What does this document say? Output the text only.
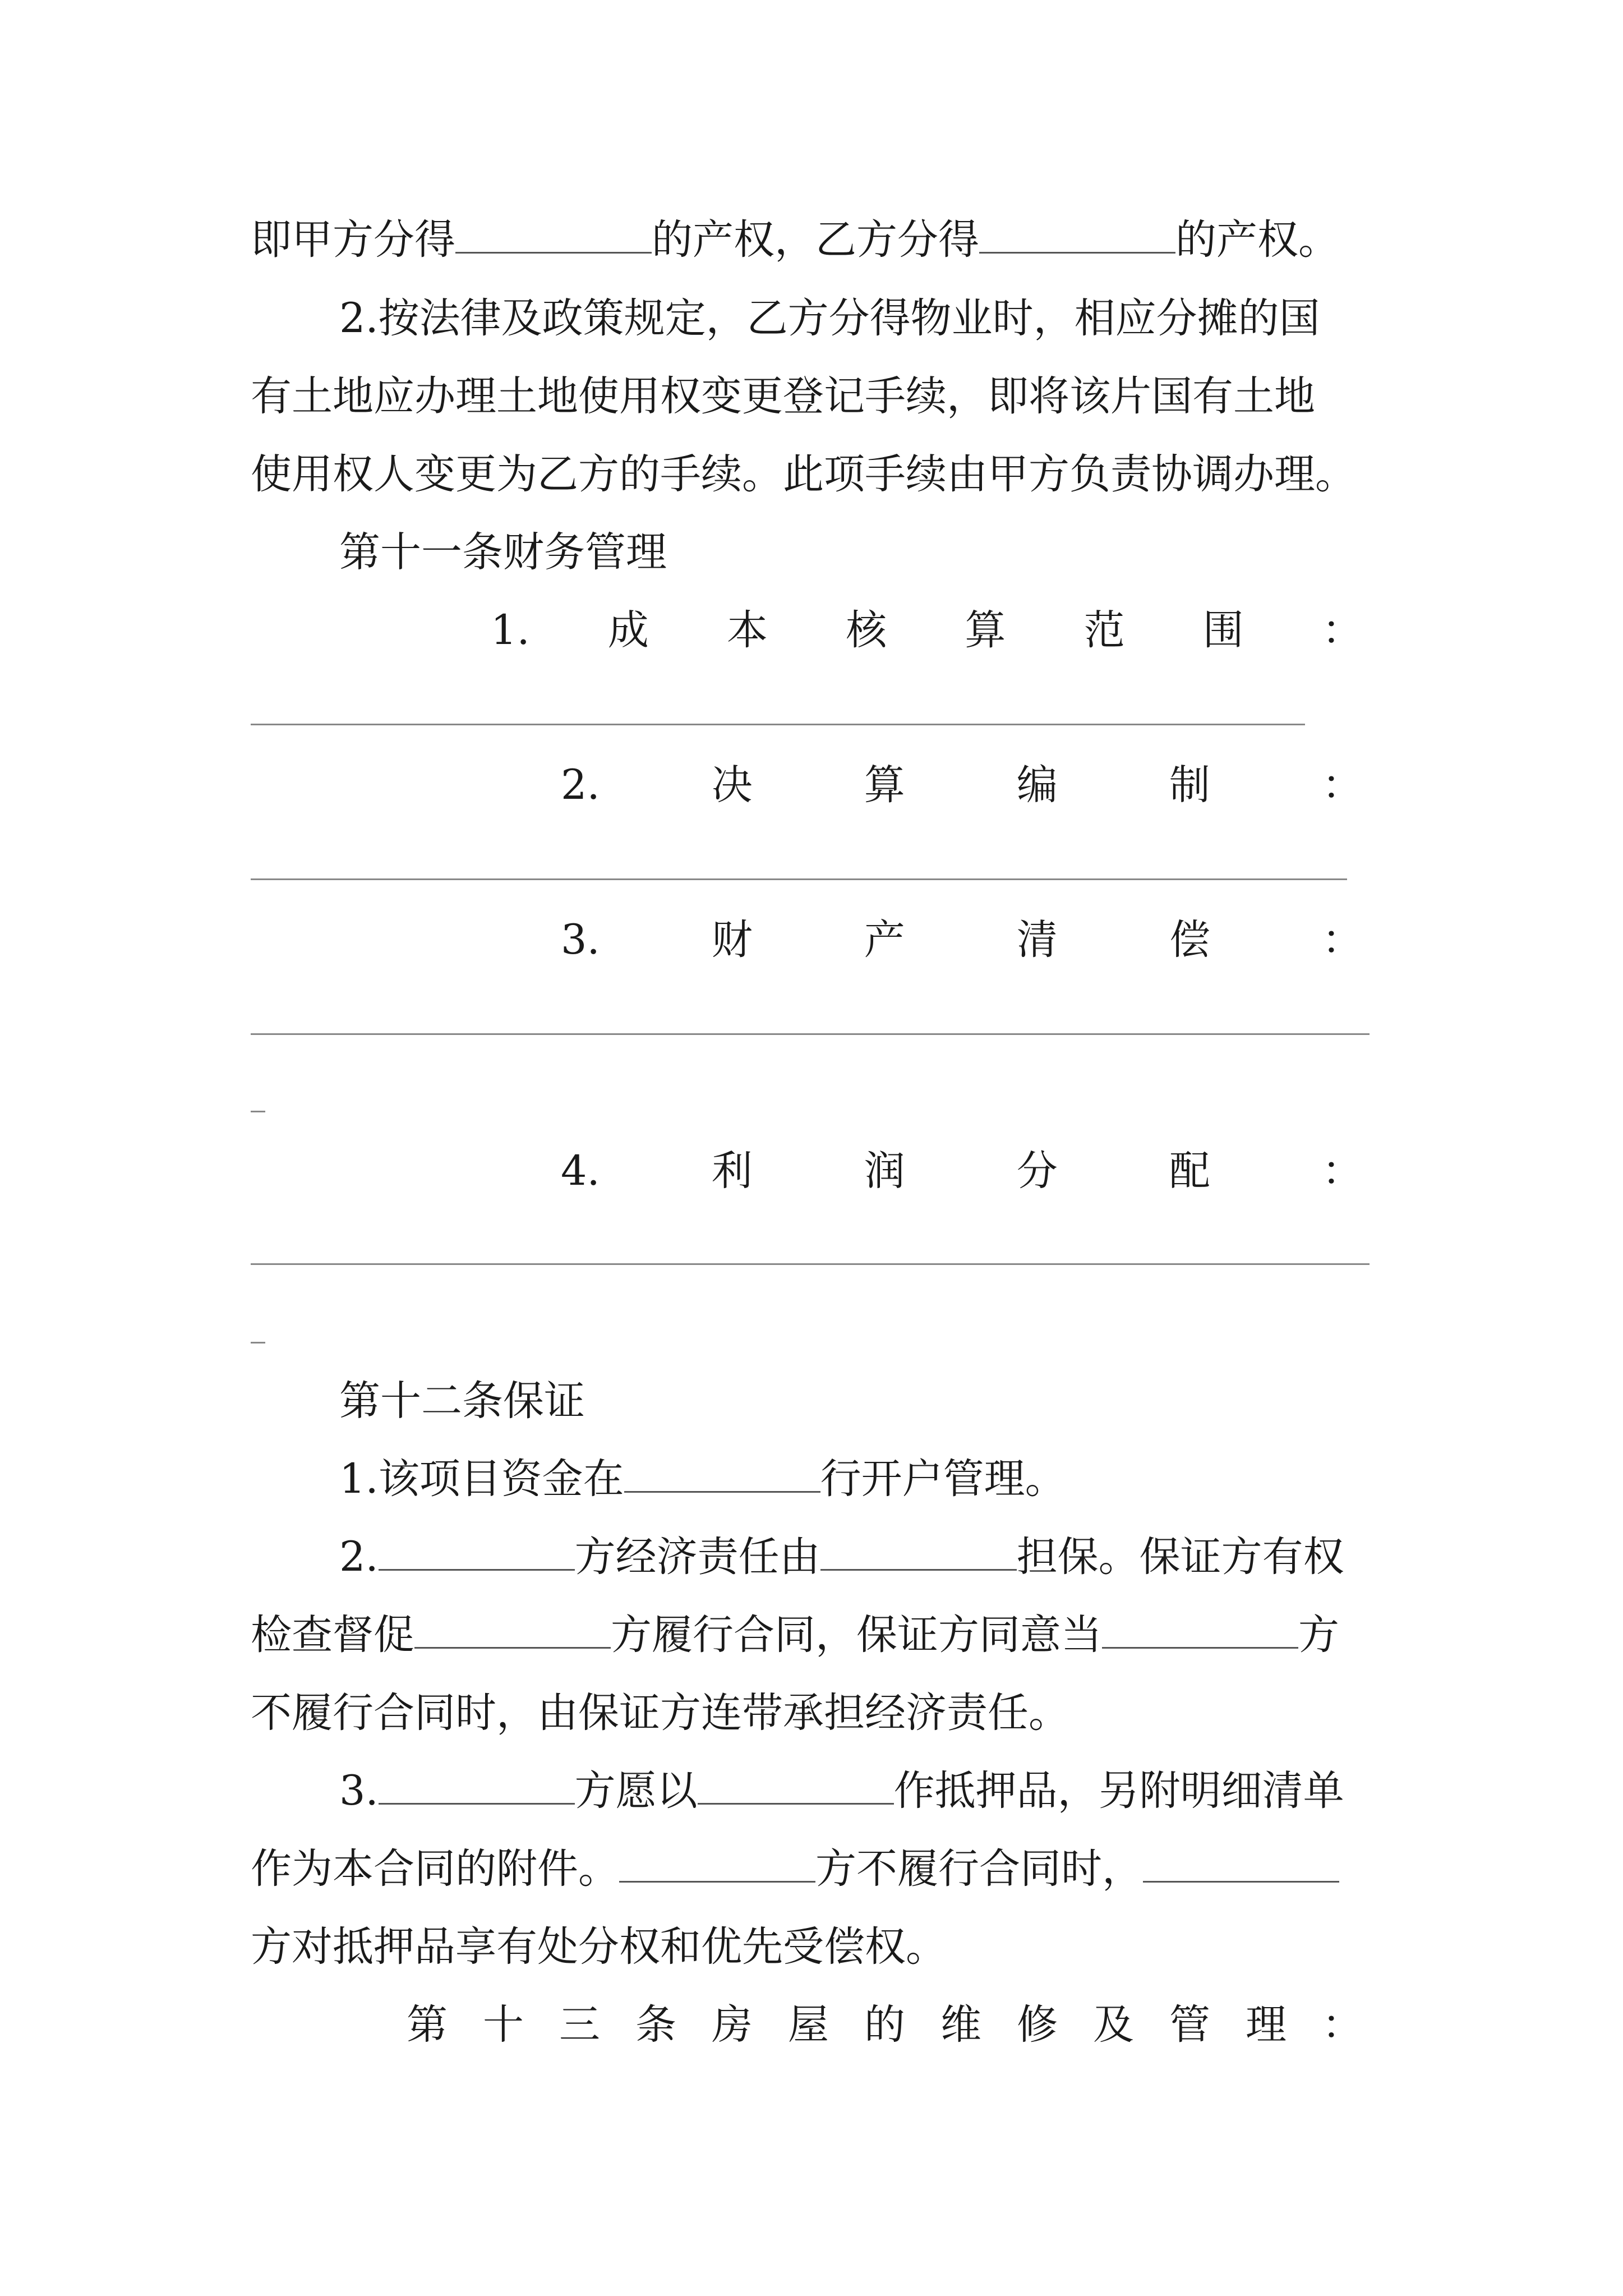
即甲方分得	的产权，乙方分得	的产权。
2.按法律及政策规定，乙方分得物业时，相应分摊的国
有土地应办理土地使用权变更登记手续，即将该片国有土地
使用权人变更为乙方的手续。此项手续由甲方负责协调办理。
第十一条财务管理
1. 成 本 核 算 范 围 ：
2.	决	算	编	制	：
3.	财	产	清	偿	：
4.	利	润	分	配	：
第十二条保证
1.该项目资金在	行开户管理。
2.	方经济责任由	担保。保证方有权
检查督促	方履行合同，保证方同意当	方
不履行合同时，由保证方连带承担经济责任。
3.	方愿以	作抵押品，另附明细清单
作为本合同的附件。	方不履行合同时，
方对抵押品享有处分权和优先受偿权。
第 十 三 条 房 屋 的 维 修 及 管 理 ：
